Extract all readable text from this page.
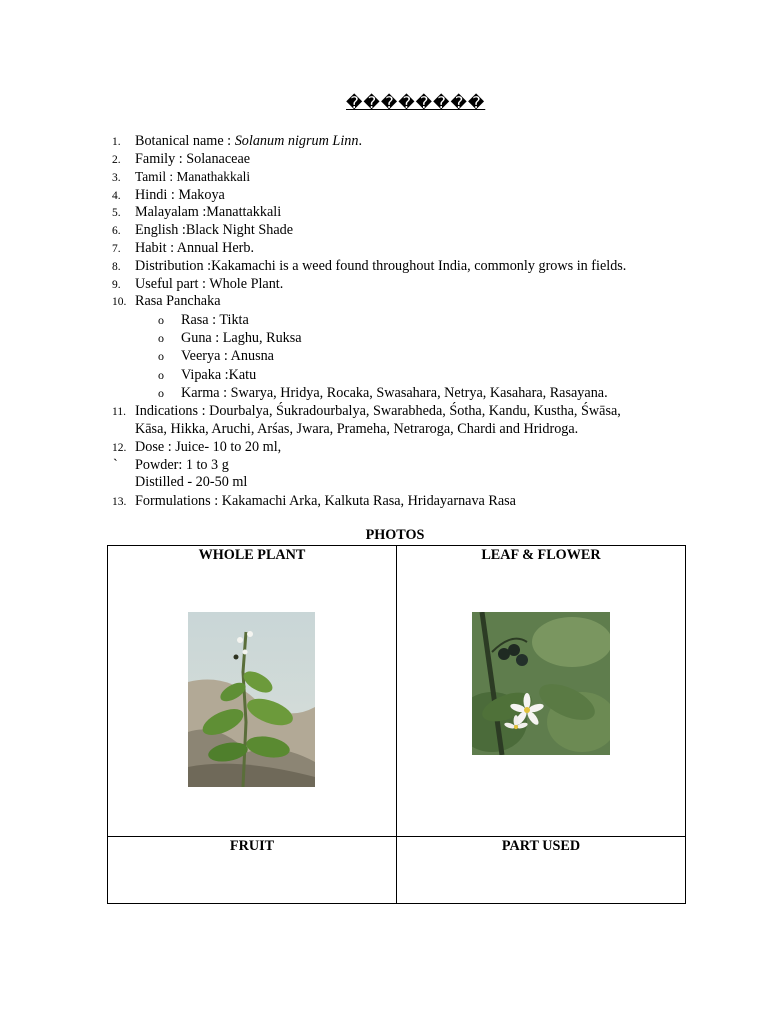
��������
1.	Botanical name : Solanum nigrum Linn.
2.	Family : Solanaceae
3.	Tamil : Manathakkali
4.	Hindi : Makoya
5.	Malayalam :Manattakkali
6.	English :Black Night Shade
7.	Habit : Annual Herb.
8.	Distribution :Kakamachi is a weed found throughout India, commonly grows in fields.
9.	Useful part : Whole Plant.
10. Rasa Panchaka
o Rasa : Tikta
o Guna : Laghu, Ruksa
o Veerya : Anusna
o Vipaka :Katu
o Karma : Swarya, Hridya, Rocaka, Swasahara, Netrya, Kasahara, Rasayana.
11. Indications : Dourbalya, Śukradourbalya, Swarabheda, Śotha, Kandu, Kustha, Śwāsa,
Kāsa, Hikka, Aruchi, Arśas, Jwara, Prameha, Netraroga, Chardi and Hridroga.
12. Dose : Juice- 10 to 20 ml,
` Powder: 1 to 3 g
Distilled - 20-50 ml
13. Formulations : Kakamachi Arka, Kalkuta Rasa, Hridayarnava Rasa
PHOTOS
WHOLE PLANT	LEAF & FLOWER

FRUIT	PART USED
